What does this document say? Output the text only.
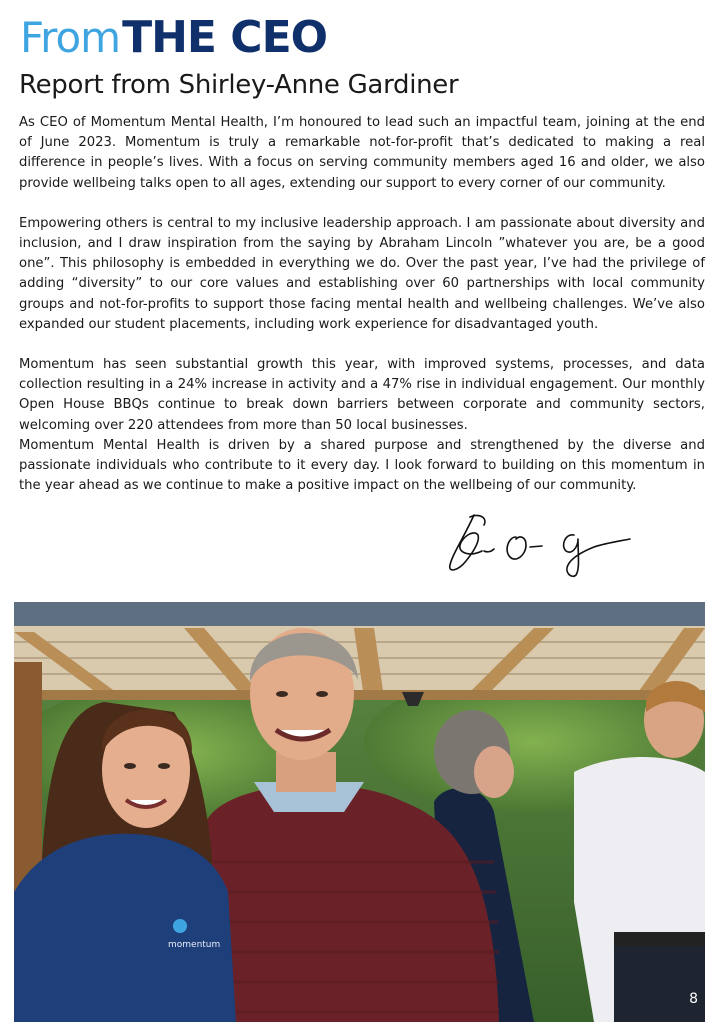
FromTHE CEO
Report from Shirley-Anne Gardiner

As CEO of Momentum Mental Health, I’m honoured to lead such an impactful team, joining at the end of June 2023. Momentum is truly a remarkable not-for-profit that’s dedicated to making a real difference in people’s lives. With a focus on serving community members aged 16 and older, we also provide wellbeing talks open to all ages, extending our support to every corner of our community.

Empowering others is central to my inclusive leadership approach. I am passionate about diversity and inclusion, and I draw inspiration from the saying by Abraham Lincoln ”whatever you are, be a good one”. This philosophy is embedded in everything we do. Over the past year, I’ve had the privilege of adding “diversity” to our core values and establishing over 60 partnerships with local community groups and not-for-profits to support those facing mental health and wellbeing challenges. We’ve also expanded our student placements, including work experience for disadvantaged youth.

Momentum has seen substantial growth this year, with improved systems, processes, and data collection resulting in a 24% increase in activity and a 47% rise in individual engagement. Our monthly Open House BBQs continue to break down barriers between corporate and community sectors, welcoming over 220 attendees from more than 50 local businesses.

Momentum Mental Health is driven by a shared purpose and strengthened by the diverse and passionate individuals who contribute to it every day. I look forward to building on this momentum in the year ahead as we continue to make a positive impact on the wellbeing of our community.

momentum
8
